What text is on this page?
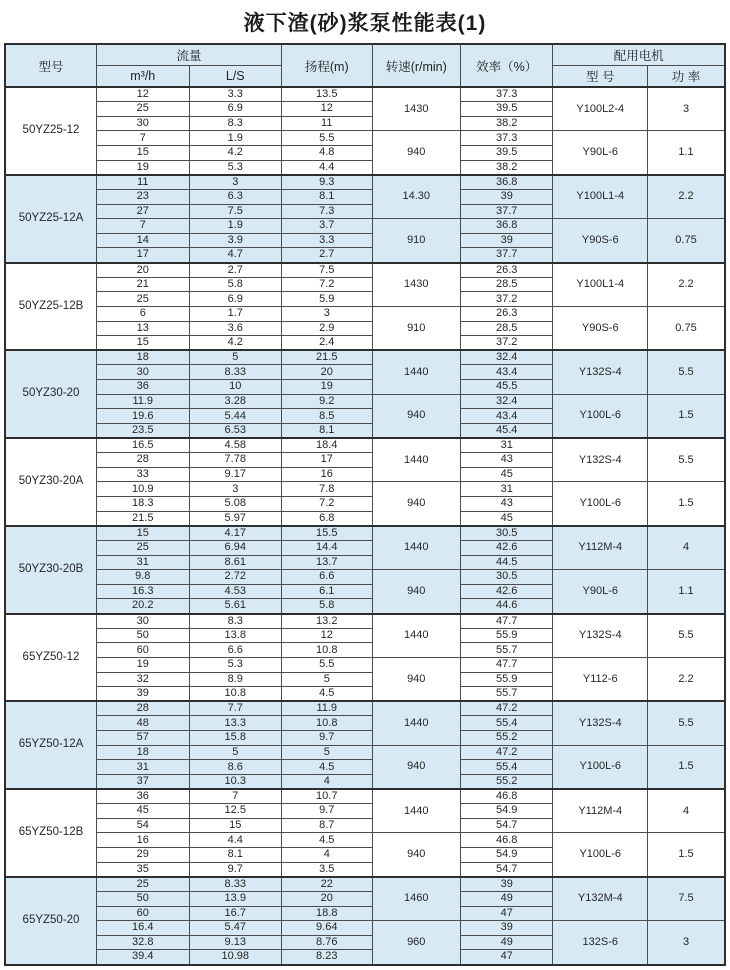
液下渣(砂)浆泵性能表(1)
型号	流量		扬程(m)	转速(r/min)	效率（%）	配用电机	
	m³/h	L/S				型 号	功 率
50YZ25-12	12	3.3	13.5	1430	37.3	Y100L2-4	3
	25	6.9	12		39.5		
	30	8.3	11		38.2		
	7	1.9	5.5	940	37.3	Y90L-6	1.1
	15	4.2	4.8		39.5		
	19	5.3	4.4		38.2		
50YZ25-12A	11	3	9.3	14.30	36.8	Y100L1-4	2.2
	23	6.3	8.1		39		
	27	7.5	7.3		37.7		
	7	1.9	3.7	910	36.8	Y90S-6	0.75
	14	3.9	3.3		39		
	17	4.7	2.7		37.7		
50YZ25-12B	20	2.7	7.5	1430	26.3	Y100L1-4	2.2
	21	5.8	7.2		28.5		
	25	6.9	5.9		37.2		
	6	1.7	3	910	26.3	Y90S-6	0.75
	13	3.6	2.9		28.5		
	15	4.2	2.4		37.2		
50YZ30-20	18	5	21.5	1440	32.4	Y132S-4	5.5
	30	8.33	20		43.4		
	36	10	19		45.5		
	11.9	3.28	9.2	940	32.4	Y100L-6	1.5
	19.6	5.44	8.5		43.4		
	23.5	6.53	8.1		45.4		
50YZ30-20A	16.5	4.58	18.4	1440	31	Y132S-4	5.5
	28	7.78	17		43		
	33	9.17	16		45		
	10.9	3	7.8	940	31	Y100L-6	1.5
	18.3	5.08	7.2		43		
	21.5	5.97	6.8		45		
50YZ30-20B	15	4.17	15.5	1440	30.5	Y112M-4	4
	25	6.94	14.4		42.6		
	31	8.61	13.7		44.5		
	9.8	2.72	6.6	940	30.5	Y90L-6	1.1
	16.3	4.53	6.1		42.6		
	20.2	5.61	5.8		44.6		
65YZ50-12	30	8.3	13.2	1440	47.7	Y132S-4	5.5
	50	13.8	12		55.9		
	60	6.6	10.8		55.7		
	19	5.3	5.5	940	47.7	Y112-6	2.2
	32	8.9	5		55.9		
	39	10.8	4.5		55.7		
65YZ50-12A	28	7.7	11.9	1440	47.2	Y132S-4	5.5
	48	13.3	10.8		55.4		
	57	15.8	9.7		55.2		
	18	5	5	940	47.2	Y100L-6	1.5
	31	8.6	4.5		55.4		
	37	10.3	4		55.2		
65YZ50-12B	36	7	10.7	1440	46.8	Y112M-4	4
	45	12.5	9.7		54.9		
	54	15	8.7		54.7		
	16	4.4	4.5	940	46.8	Y100L-6	1.5
	29	8.1	4		54.9		
	35	9.7	3.5		54.7		
65YZ50-20	25	8.33	22	1460	39	Y132M-4	7.5
	50	13.9	20		49		
	60	16.7	18.8		47		
	16.4	5.47	9.64	960	39	132S-6	3
	32.8	9.13	8.76		49		
	39.4	10.98	8.23		47		
